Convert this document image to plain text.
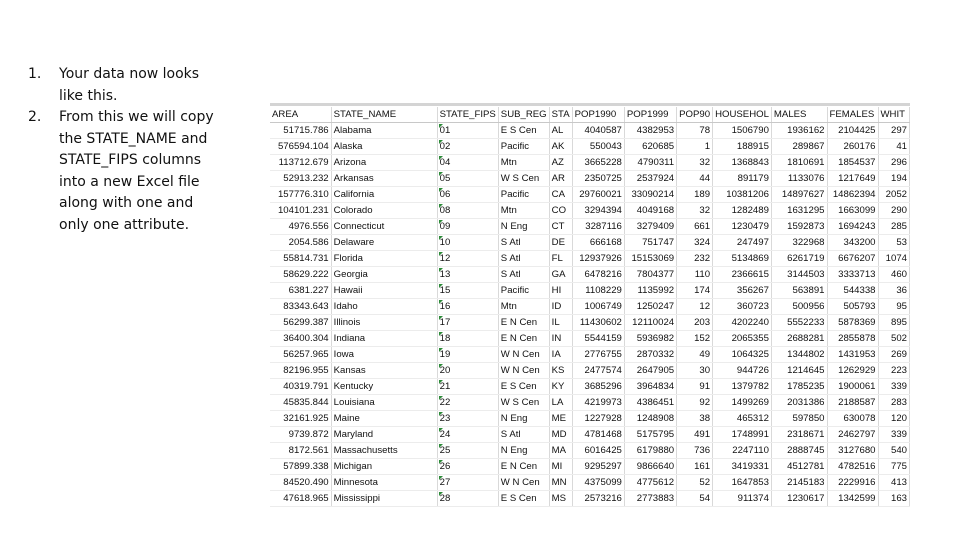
1. Your data now looks like this.
2. From this we will copy the STATE_NAME and STATE_FIPS columns into a new Excel file along with one and only one attribute.
AREA	STATE_NAME	STATE_FIPS	SUB_REG	STA	POP1990	POP1999	POP90	HOUSEHOL	MALES	FEMALES	WHIT
51715.786	Alabama	01	E S Cen	AL	4040587	4382953	78	1506790	1936162	2104425	297
576594.104	Alaska	02	Pacific	AK	550043	620685	1	188915	289867	260176	41
113712.679	Arizona	04	Mtn	AZ	3665228	4790311	32	1368843	1810691	1854537	296
52913.232	Arkansas	05	W S Cen	AR	2350725	2537924	44	891179	1133076	1217649	194
157776.310	California	06	Pacific	CA	29760021	33090214	189	10381206	14897627	14862394	2052
104101.231	Colorado	08	Mtn	CO	3294394	4049168	32	1282489	1631295	1663099	290
4976.556	Connecticut	09	N Eng	CT	3287116	3279409	661	1230479	1592873	1694243	285
2054.586	Delaware	10	S Atl	DE	666168	751747	324	247497	322968	343200	53
55814.731	Florida	12	S Atl	FL	12937926	15153069	232	5134869	6261719	6676207	1074
58629.222	Georgia	13	S Atl	GA	6478216	7804377	110	2366615	3144503	3333713	460
6381.227	Hawaii	15	Pacific	HI	1108229	1135992	174	356267	563891	544338	36
83343.643	Idaho	16	Mtn	ID	1006749	1250247	12	360723	500956	505793	95
56299.387	Illinois	17	E N Cen	IL	11430602	12110024	203	4202240	5552233	5878369	895
36400.304	Indiana	18	E N Cen	IN	5544159	5936982	152	2065355	2688281	2855878	502
56257.965	Iowa	19	W N Cen	IA	2776755	2870332	49	1064325	1344802	1431953	269
82196.955	Kansas	20	W N Cen	KS	2477574	2647905	30	944726	1214645	1262929	223
40319.791	Kentucky	21	E S Cen	KY	3685296	3964834	91	1379782	1785235	1900061	339
45835.844	Louisiana	22	W S Cen	LA	4219973	4386451	92	1499269	2031386	2188587	283
32161.925	Maine	23	N Eng	ME	1227928	1248908	38	465312	597850	630078	120
9739.872	Maryland	24	S Atl	MD	4781468	5175795	491	1748991	2318671	2462797	339
8172.561	Massachusetts	25	N Eng	MA	6016425	6179880	736	2247110	2888745	3127680	540
57899.338	Michigan	26	E N Cen	MI	9295297	9866640	161	3419331	4512781	4782516	775
84520.490	Minnesota	27	W N Cen	MN	4375099	4775612	52	1647853	2145183	2229916	413
47618.965	Mississippi	28	E S Cen	MS	2573216	2773883	54	911374	1230617	1342599	163
